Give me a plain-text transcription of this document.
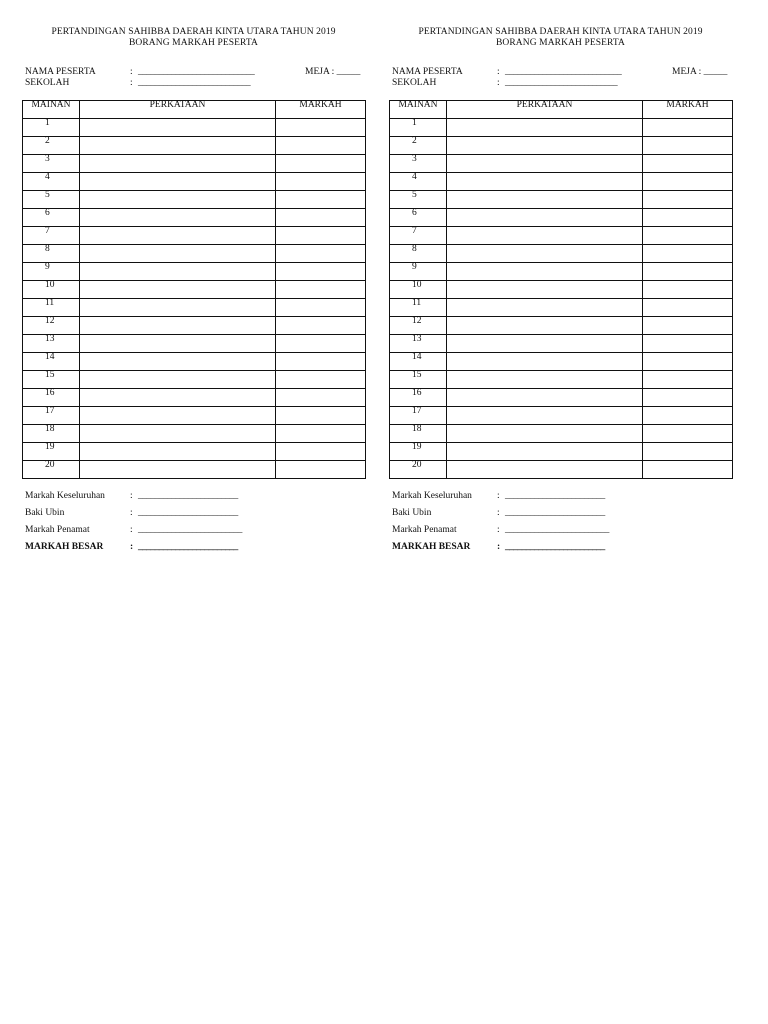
PERTANDINGAN SAHIBBA DAERAH KINTA UTARA TAHUN 2019
BORANG MARKAH PESERTA
NAMA PESERTA	: ____________________________	MEJA : _____
SEKOLAH	: ___________________________
MAINAN	PERKATAAN	MARKAH
1		
2		
3		
4		
5		
6		
7		
8		
9		
10		
11		
12		
13		
14		
15		
16		
17		
18		
19		
20		
Markah Keseluruhan	: ________________________
Baki Ubin	: ________________________
Markah Penamat	: _________________________
MARKAH BESAR	: ________________________
PERTANDINGAN SAHIBBA DAERAH KINTA UTARA TAHUN 2019
BORANG MARKAH PESERTA
NAMA PESERTA	: ____________________________	MEJA : _____
SEKOLAH	: ___________________________
MAINAN	PERKATAAN	MARKAH
1		
2		
3		
4		
5		
6		
7		
8		
9		
10		
11		
12		
13		
14		
15		
16		
17		
18		
19		
20		
Markah Keseluruhan	: ________________________
Baki Ubin	: ________________________
Markah Penamat	: _________________________
MARKAH BESAR	: ________________________
